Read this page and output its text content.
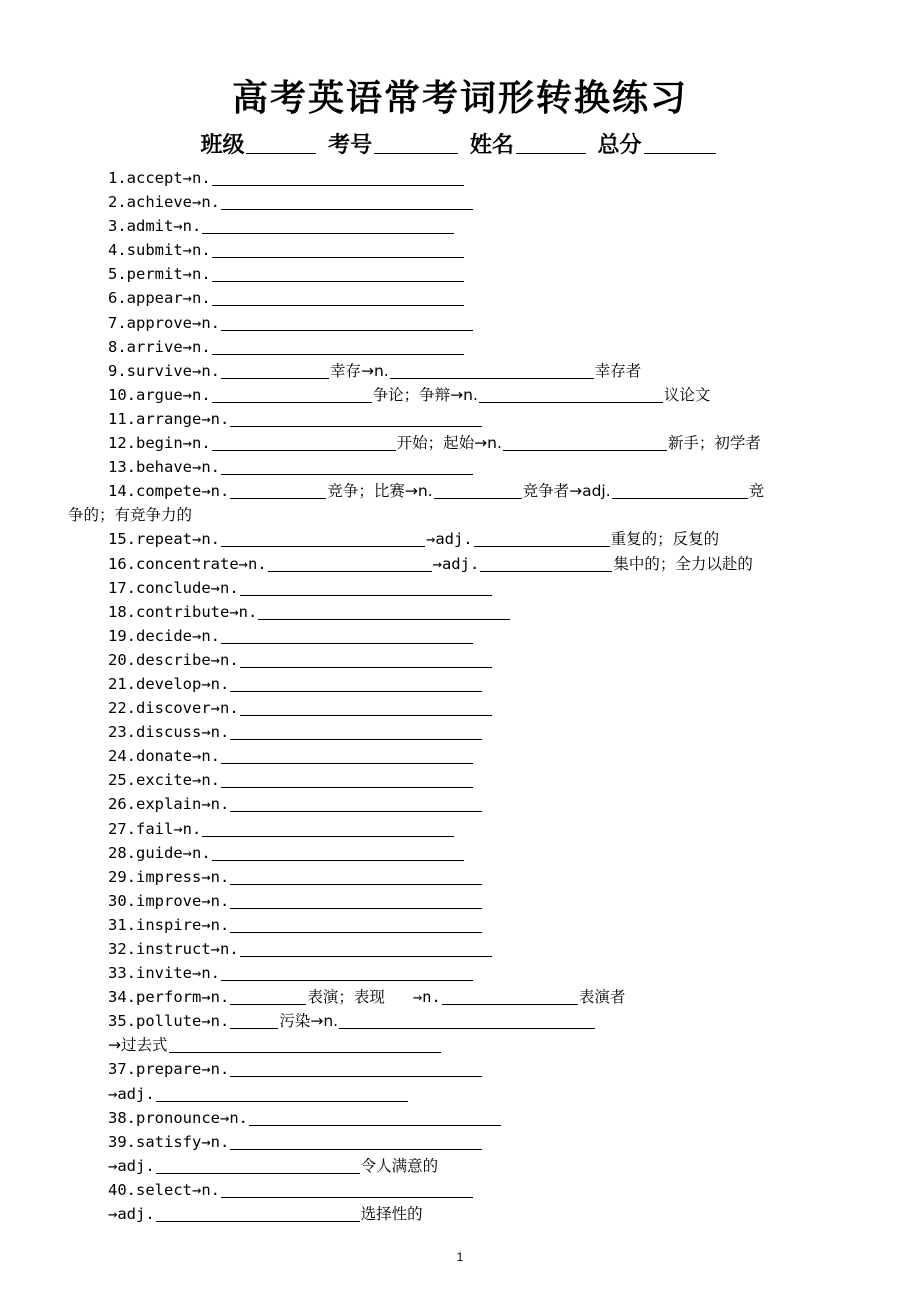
高考英语常考词形转换练习
班级	考号	姓名	总分
1.accept→n.
2.achieve→n.
3.admit→n.
4.submit→n.
5.permit→n.
6.appear→n.
7.approve→n.
8.arrive→n.
9.survive→n.	幸存→n.	幸存者
10.argue→n.	争论；争辩→n.	议论文
11.arrange→n.
12.begin→n.	开始；起始→n.	新手；初学者
13.behave→n.
14.compete→n.	竞争；比赛→n.	竞争者→adj.	竞
争的；有竞争力的
15.repeat→n.	→adj.	重复的；反复的
16.concentrate→n.	→adj.	集中的；全力以赴的
17.conclude→n.
18.contribute→n.
19.decide→n.
20.describe→n.
21.develop→n.
22.discover→n.
23.discuss→n.
24.donate→n.
25.excite→n.
26.explain→n.
27.fail→n.
28.guide→n.
29.impress→n.
30.improve→n.
31.inspire→n.
32.instruct→n.
33.invite→n.
34.perform→n.	表演；表现 →n.	表演者
35.pollute→n.	污染→n.
→过去式
37.prepare→n.
→adj.
38.pronounce→n.
39.satisfy→n.
→adj.	令人满意的
40.select→n.
→adj.	选择性的
1
